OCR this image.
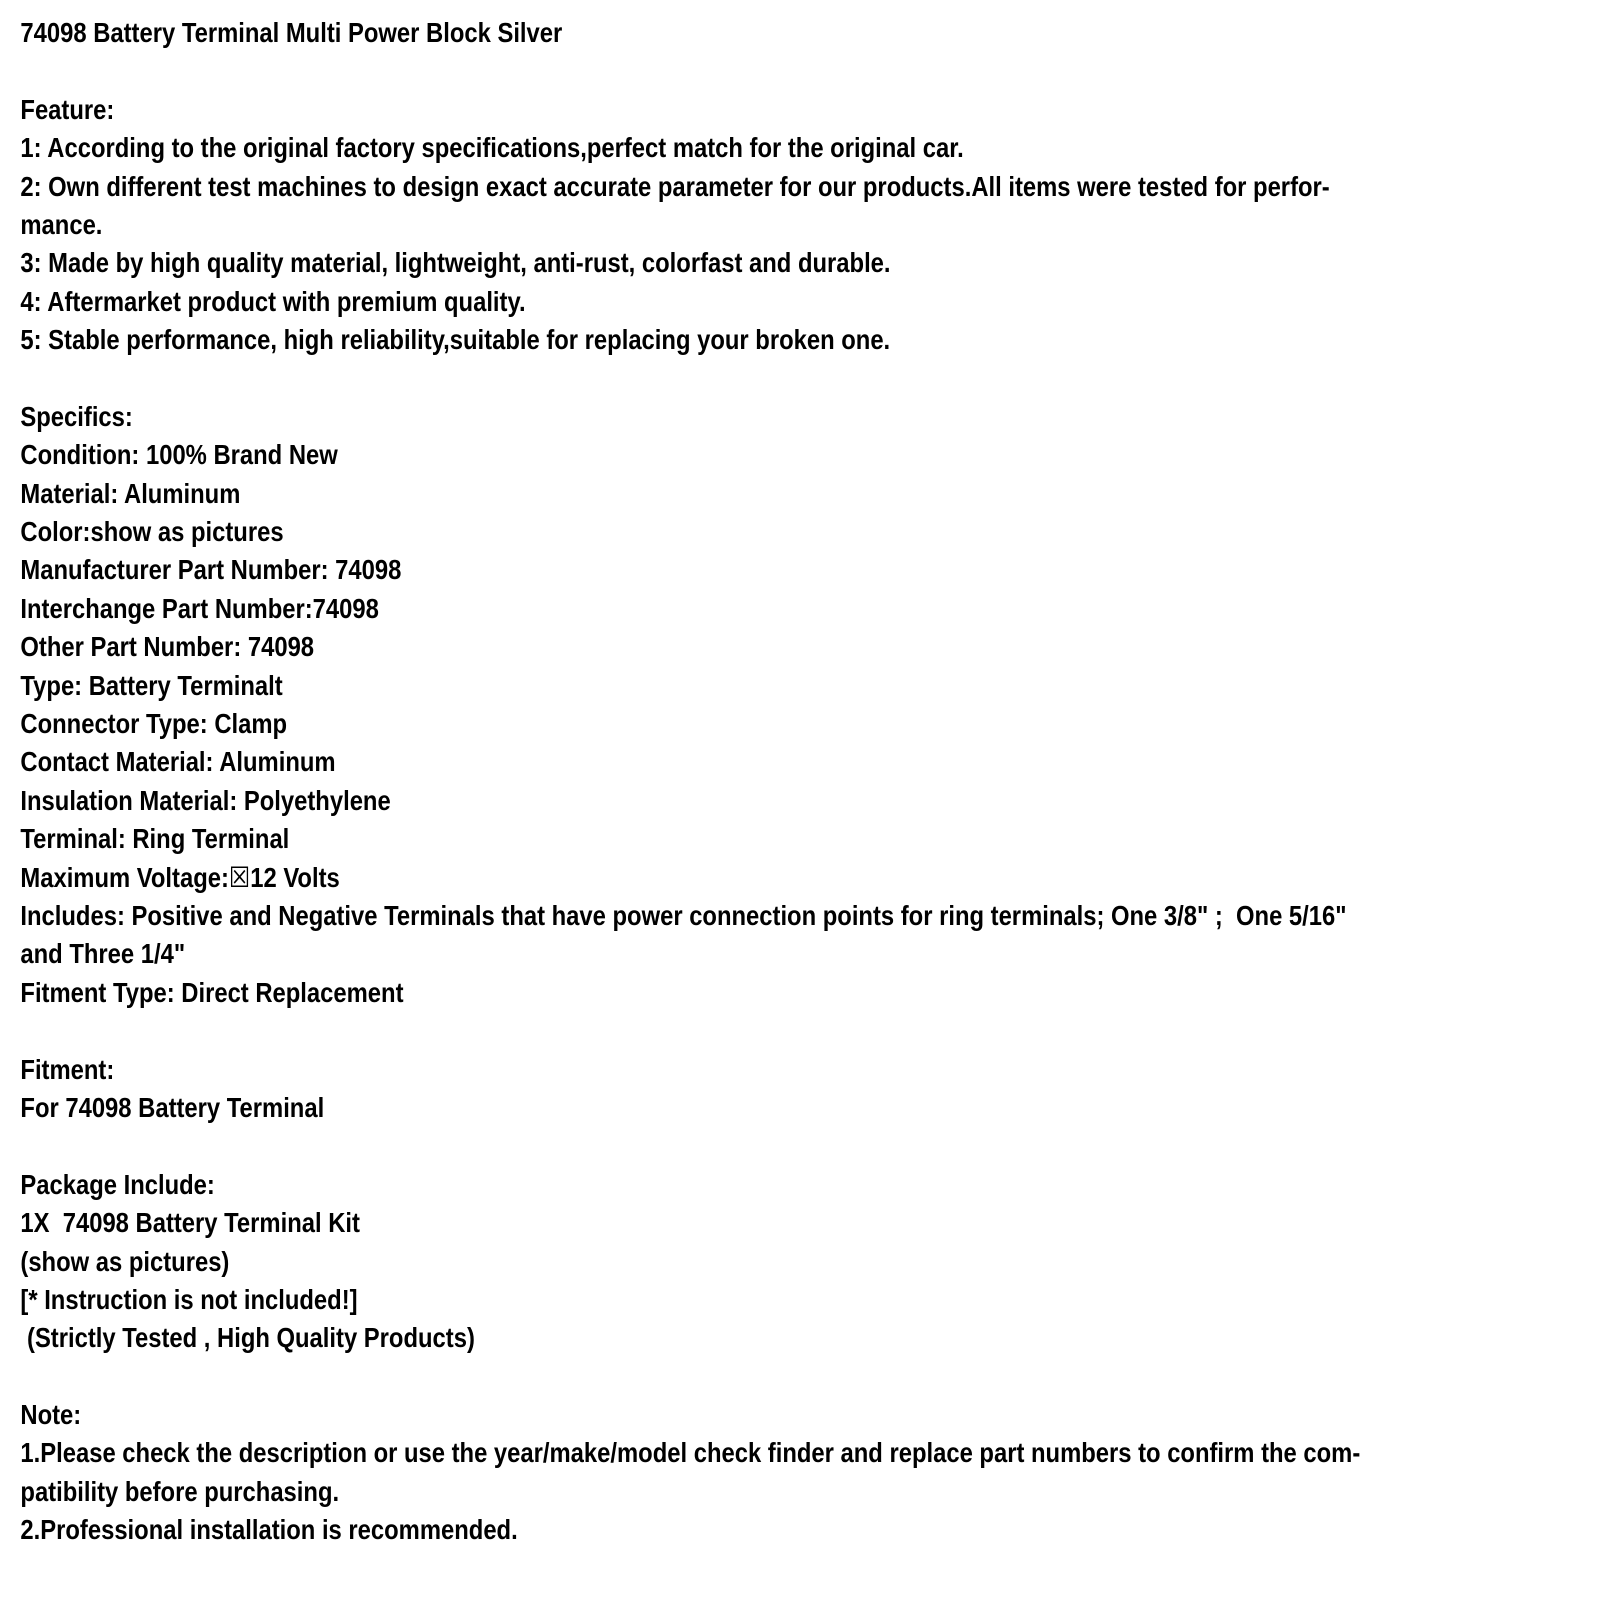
74098 Battery Terminal Multi Power Block Silver
Feature:
1: According to the original factory specifications,perfect match for the original car.
2: Own different test machines to design exact accurate parameter for our products.All items were tested for perfor-
mance.
3: Made by high quality material, lightweight, anti-rust, colorfast and durable.
4: Aftermarket product with premium quality.
5: Stable performance, high reliability,suitable for replacing your broken one.
Specifics:
Condition: 100% Brand New
Material: Aluminum
Color:show as pictures
Manufacturer Part Number: 74098
Interchange Part Number:74098
Other Part Number: 74098
Type: Battery Terminalt
Connector Type: Clamp
Contact Material: Aluminum
Insulation Material: Polyethylene
Terminal: Ring Terminal
Maximum Voltage:☒12 Volts
Includes: Positive and Negative Terminals that have power connection points for ring terminals; One 3/8" ;  One 5/16"
and Three 1/4"
Fitment Type: Direct Replacement
Fitment:
For 74098 Battery Terminal
Package Include:
1X  74098 Battery Terminal Kit
(show as pictures)
[* Instruction is not included!]
(Strictly Tested , High Quality Products)
Note:
1.Please check the description or use the year/make/model check finder and replace part numbers to confirm the com-
patibility before purchasing.
2.Professional installation is recommended.
